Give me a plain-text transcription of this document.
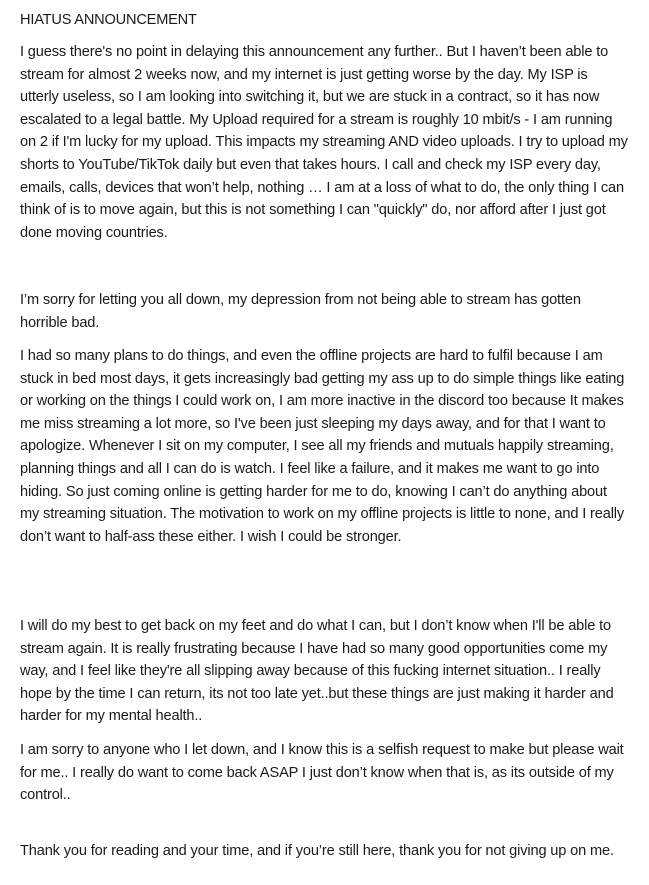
HIATUS ANNOUNCEMENT

I guess there's no point in delaying this announcement any further.. But I haven’t been able to stream for almost 2 weeks now, and my internet is just getting worse by the day. My ISP is utterly useless, so I am looking into switching it, but we are stuck in a contract, so it has now escalated to a legal battle. My Upload required for a stream is roughly 10 mbit/s - I am running on 2 if I'm lucky for my upload. This impacts my streaming AND video uploads. I try to upload my shorts to YouTube/TikTok daily but even that takes hours. I call and check my ISP every day, emails, calls, devices that won’t help, nothing … I am at a loss of what to do, the only thing I can think of is to move again, but this is not something I can "quickly" do, nor afford after I just got done moving countries.

I’m sorry for letting you all down, my depression from not being able to stream has gotten horrible bad.

I had so many plans to do things, and even the offline projects are hard to fulfil because I am stuck in bed most days, it gets increasingly bad getting my ass up to do simple things like eating or working on the things I could work on, I am more inactive in the discord too because It makes me miss streaming a lot more, so I've been just sleeping my days away, and for that I want to apologize. Whenever I sit on my computer, I see all my friends and mutuals happily streaming, planning things and all I can do is watch. I feel like a failure, and it makes me want to go into hiding. So just coming online is getting harder for me to do, knowing I can’t do anything about my streaming situation. The motivation to work on my offline projects is little to none, and I really don’t want to half-ass these either. I wish I could be stronger.

I will do my best to get back on my feet and do what I can, but I don’t know when I'll be able to stream again. It is really frustrating because I have had so many good opportunities come my way, and I feel like they're all slipping away because of this fucking internet situation.. I really hope by the time I can return, its not too late yet..but these things are just making it harder and harder for my mental health..

I am sorry to anyone who I let down, and I know this is a selfish request to make but please wait for me.. I really do want to come back ASAP I just don’t know when that is, as its outside of my control..

Thank you for reading and your time, and if you’re still here, thank you for not giving up on me.
